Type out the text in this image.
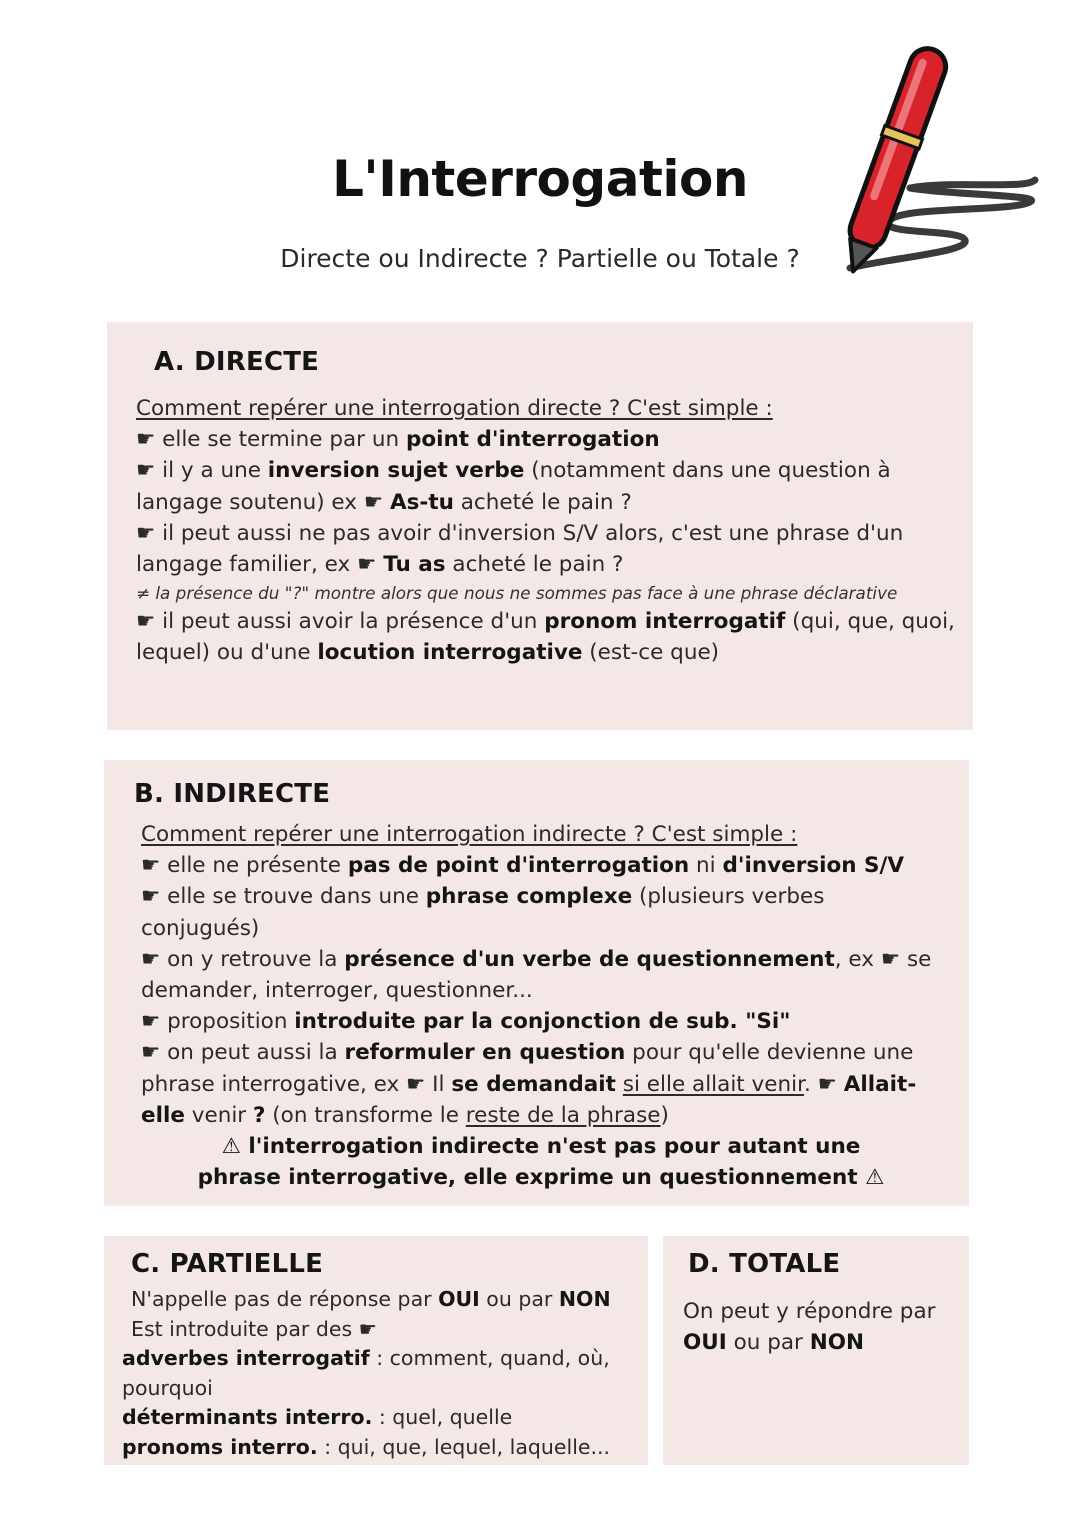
L'Interrogation

Directe ou Indirecte ? Partielle ou Totale ?

A. DIRECTE

Comment repérer une interrogation directe ? C'est simple :

☛ elle se termine par un point d'interrogation

☛ il y a une inversion sujet verbe (notamment dans une question à langage soutenu) ex ☛ As-tu acheté le pain ?

☛ il peut aussi ne pas avoir d'inversion S/V alors, c'est une phrase d'un langage familier, ex ☛ Tu as acheté le pain ?

≠ la présence du "?" montre alors que nous ne sommes pas face à une phrase déclarative

☛ il peut aussi avoir la présence d'un pronom interrogatif (qui, que, quoi, lequel) ou d'une locution interrogative (est-ce que)

B. INDIRECTE

Comment repérer une interrogation indirecte ? C'est simple :

☛ elle ne présente pas de point d'interrogation ni d'inversion S/V

☛ elle se trouve dans une phrase complexe (plusieurs verbes conjugués)

☛ on y retrouve la présence d'un verbe de questionnement, ex ☛ se demander, interroger, questionner...

☛ proposition introduite par la conjonction de sub. "Si"

☛ on peut aussi la reformuler en question pour qu'elle devienne une phrase interrogative, ex ☛ Il se demandait si elle allait venir. ☛ Allait-elle venir ? (on transforme le reste de la phrase)

⚠ l'interrogation indirecte n'est pas pour autant une phrase interrogative, elle exprime un questionnement ⚠

C. PARTIELLE

N'appelle pas de réponse par OUI ou par NON

Est introduite par des ☛

adverbes interrogatif : comment, quand, où, pourquoi

déterminants interro. : quel, quelle

pronoms interro. : qui, que, lequel, laquelle...

D. TOTALE

On peut y répondre par OUI ou par NON
